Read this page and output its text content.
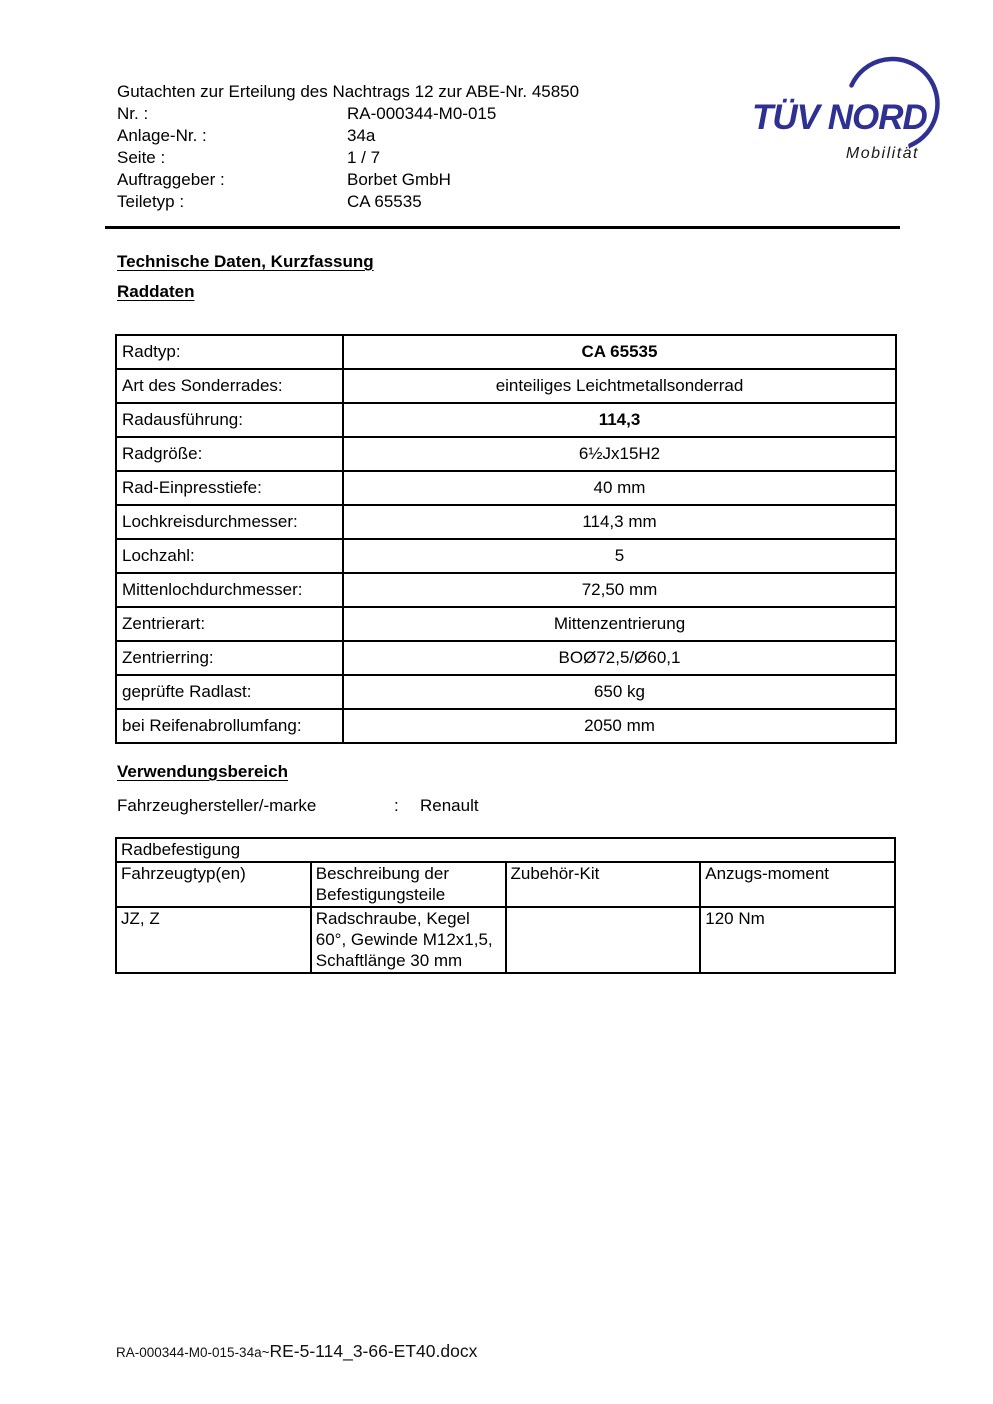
Gutachten zur Erteilung des Nachtrags 12 zur ABE-Nr. 45850
Nr. :	RA-000344-M0-015
Anlage-Nr. :	34a
Seite :	1 / 7
Auftraggeber :	Borbet GmbH
Teiletyp :	CA 65535
TÜV NORD
Mobilität
Technische Daten, Kurzfassung
Raddaten
Radtyp:	CA 65535
Art des Sonderrades:	einteiliges Leichtmetallsonderrad
Radausführung:	114,3
Radgröße:	6½Jx15H2
Rad-Einpresstiefe:	40 mm
Lochkreisdurchmesser:	114,3 mm
Lochzahl:	5
Mittenlochdurchmesser:	72,50 mm
Zentrierart:	Mittenzentrierung
Zentrierring:	BOØ72,5/Ø60,1
geprüfte Radlast:	650 kg
bei Reifenabrollumfang:	2050 mm
Verwendungsbereich
Fahrzeughersteller/-marke	:	Renault
Radbefestigung			
Fahrzeugtyp(en)	Beschreibung der Befestigungsteile	Zubehör-Kit	Anzugs-moment
JZ, Z	Radschraube, Kegel 60°, Gewinde M12x1,5, Schaftlänge 30 mm		120 Nm
RA-000344-M0-015-34a~RE-5-114_3-66-ET40.docx
